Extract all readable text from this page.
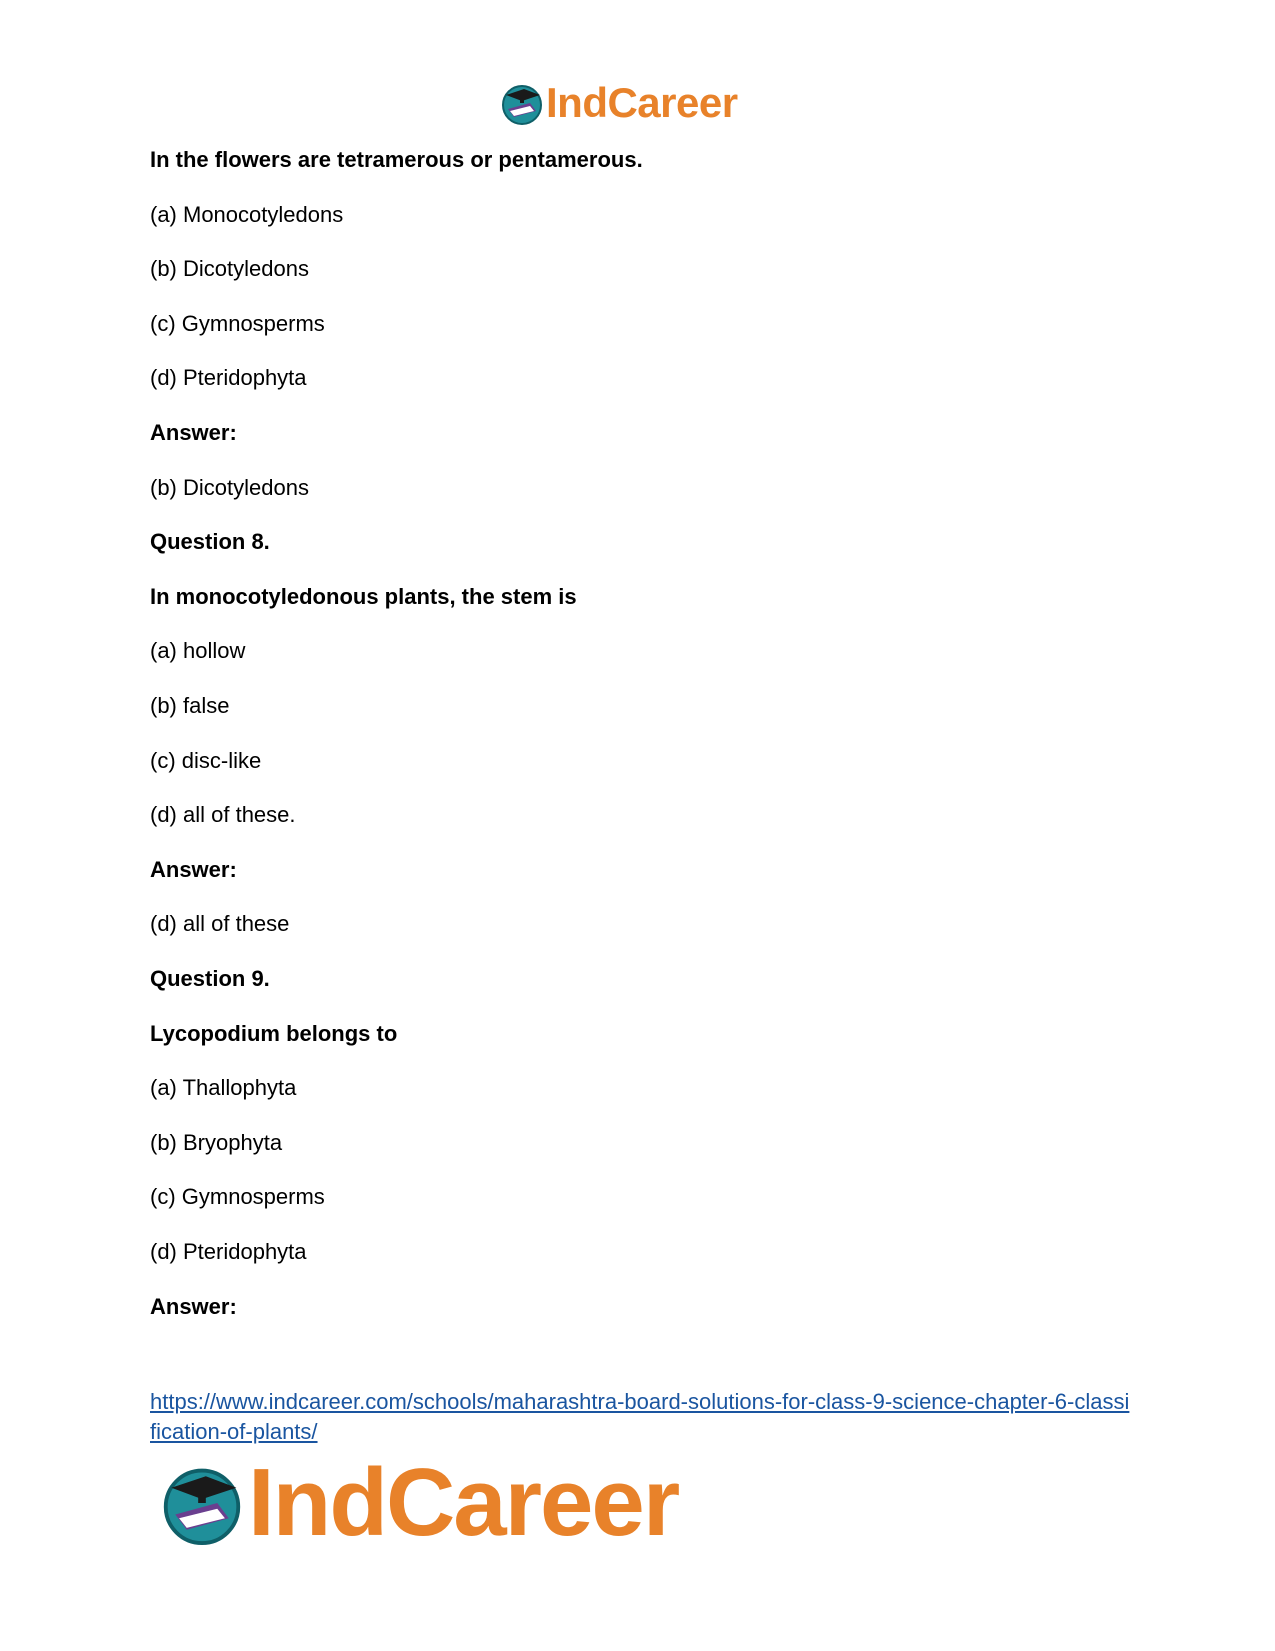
IndCareer
In the flowers are tetramerous or pentamerous.
(a) Monocotyledons
(b) Dicotyledons
(c) Gymnosperms
(d) Pteridophyta
Answer:
(b) Dicotyledons
Question 8.
In monocotyledonous plants, the stem is
(a) hollow
(b) false
(c) disc-like
(d) all of these.
Answer:
(d) all of these
Question 9.
Lycopodium belongs to
(a) Thallophyta
(b) Bryophyta
(c) Gymnosperms
(d) Pteridophyta
Answer:
https://www.indcareer.com/schools/maharashtra-board-solutions-for-class-9-science-chapter-6-classification-of-plants/
IndCareer
